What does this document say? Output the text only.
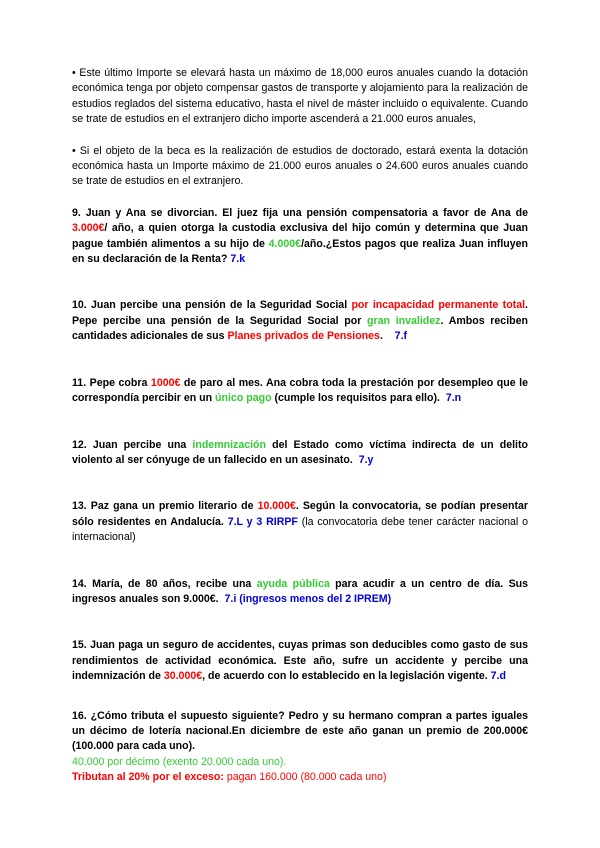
• Este último Importe se elevará hasta un máximo de 18,000 euros anuales cuando la dotación económica tenga por objeto compensar gastos de transporte y alojamiento para la realización de estudios reglados del sistema educativo, hasta el nivel de máster incluido o equivalente. Cuando se trate de estudios en el extranjero dicho importe ascenderá a 21.000 euros anuales,

• Si el objeto de la beca es la realización de estudios de doctorado, estará exenta la dotación económica hasta un Importe máximo de 21.000 euros anuales o 24.600 euros anuales cuando se trate de estudios en el extranjero.

9. Juan y Ana se divorcian. El juez fija una pensión compensatoria a favor de Ana de 3.000€/ año, a quien otorga la custodia exclusiva del hijo común y determina que Juan pague también alimentos a su hijo de 4.000€/año.¿Estos pagos que realiza Juan influyen en su declaración de la Renta? 7.k

10. Juan percibe una pensión de la Seguridad Social por incapacidad permanente total. Pepe percibe una pensión de la Seguridad Social por gran invalidez. Ambos reciben cantidades adicionales de sus Planes privados de Pensiones. 7.f

11. Pepe cobra 1000€ de paro al mes. Ana cobra toda la prestación por desempleo que le correspondía percibir en un único pago (cumple los requisitos para ello). 7.n

12. Juan percibe una indemnización del Estado como víctima indirecta de un delito violento al ser cónyuge de un fallecido en un asesinato. 7.y

13. Paz gana un premio literario de 10.000€. Según la convocatoria, se podían presentar sólo residentes en Andalucía. 7.L y 3 RIRPF (la convocatoria debe tener carácter nacional o internacional)

14. María, de 80 años, recibe una ayuda pública para acudir a un centro de día. Sus ingresos anuales son 9.000€. 7.i (ingresos menos del 2 IPREM)

15. Juan paga un seguro de accidentes, cuyas primas son deducibles como gasto de sus rendimientos de actividad económica. Este año, sufre un accidente y percibe una indemnización de 30.000€, de acuerdo con lo establecido en la legislación vigente. 7.d

16. ¿Cómo tributa el supuesto siguiente? Pedro y su hermano compran a partes iguales un décimo de lotería nacional.En diciembre de este año ganan un premio de 200.000€ (100.000 para cada uno).

40.000 por décimo (exento 20.000 cada uno).

Tributan al 20% por el exceso: pagan 160.000 (80.000 cada uno)
